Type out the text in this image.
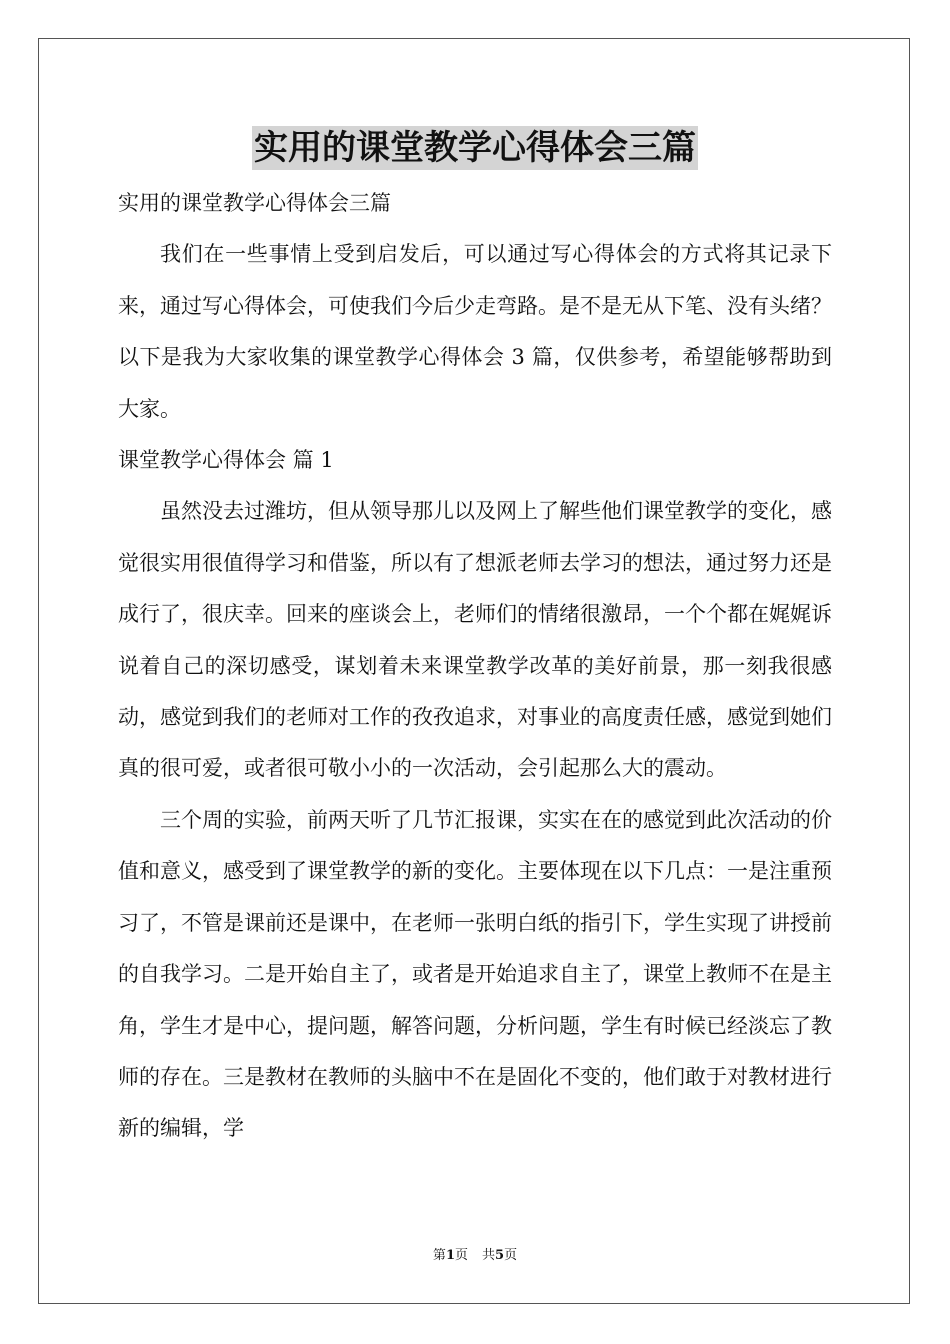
实用的课堂教学心得体会三篇

实用的课堂教学心得体会三篇

我们在一些事情上受到启发后，可以通过写心得体会的方式将其记录下来，通过写心得体会，可使我们今后少走弯路。是不是无从下笔、没有头绪？以下是我为大家收集的课堂教学心得体会 3 篇，仅供参考，希望能够帮助到大家。

课堂教学心得体会 篇 1

虽然没去过潍坊，但从领导那儿以及网上了解些他们课堂教学的变化，感觉很实用很值得学习和借鉴，所以有了想派老师去学习的想法，通过努力还是成行了，很庆幸。回来的座谈会上，老师们的情绪很激昂，一个个都在娓娓诉说着自己的深切感受，谋划着未来课堂教学改革的美好前景，那一刻我很感动，感觉到我们的老师对工作的孜孜追求，对事业的高度责任感，感觉到她们真的很可爱，或者很可敬小小的一次活动，会引起那么大的震动。

三个周的实验，前两天听了几节汇报课，实实在在的感觉到此次活动的价值和意义，感受到了课堂教学的新的变化。主要体现在以下几点：一是注重预习了，不管是课前还是课中，在老师一张明白纸的指引下，学生实现了讲授前的自我学习。二是开始自主了，或者是开始追求自主了，课堂上教师不在是主角，学生才是中心，提问题，解答问题，分析问题，学生有时候已经淡忘了教师的存在。三是教材在教师的头脑中不在是固化不变的，他们敢于对教材进行新的编辑，学

第1页 共5页
